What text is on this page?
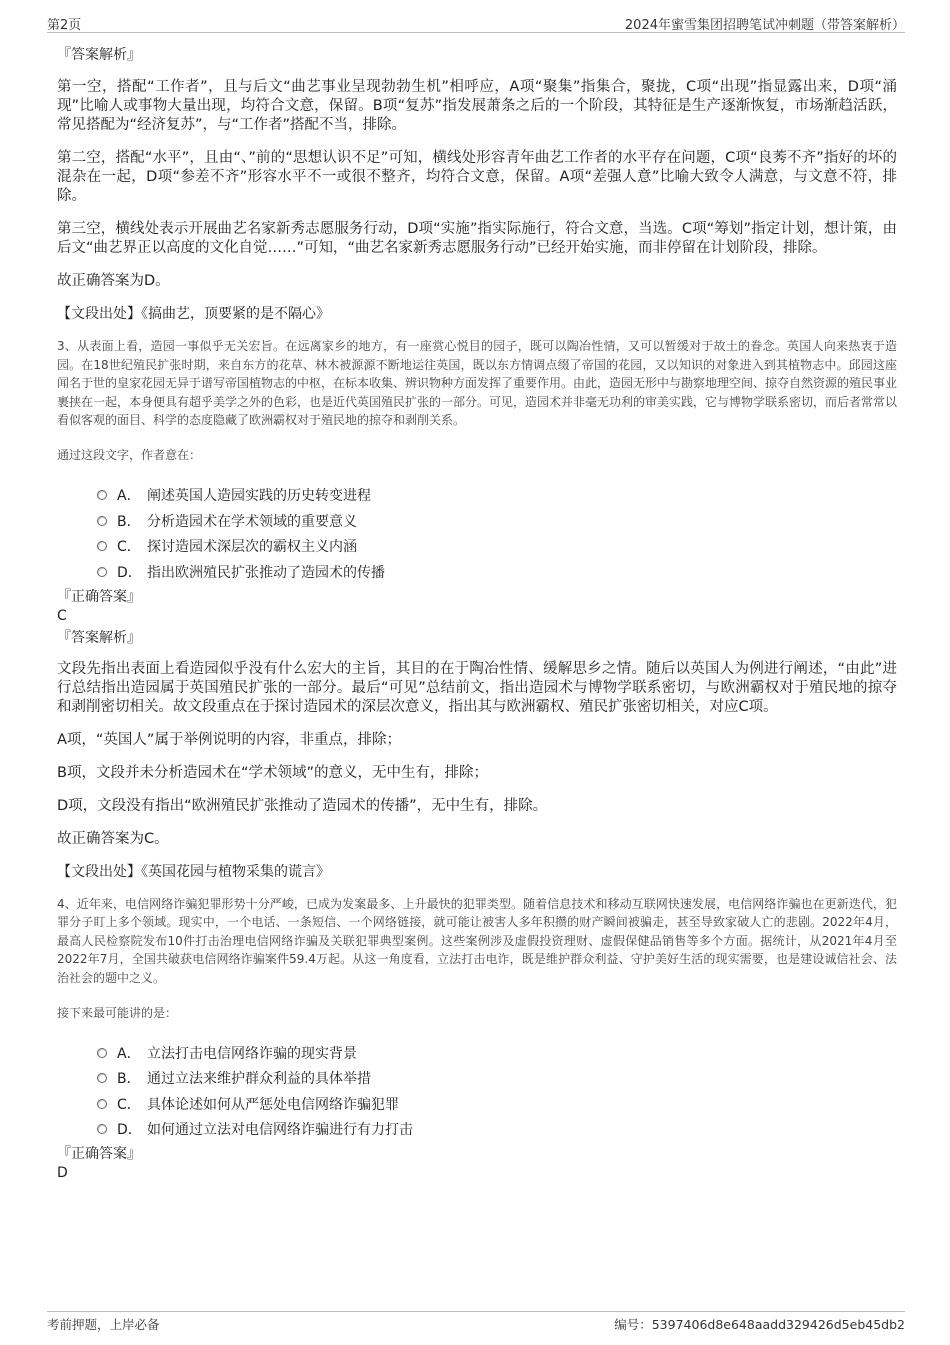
第2页	2024年蜜雪集团招聘笔试冲刺题（带答案解析）
『答案解析』

第一空，搭配“工作者”，且与后文“曲艺事业呈现勃勃生机”相呼应，A项“聚集”指集合，聚拢，C项“出现”指显露出来，D项“涌现”比喻人或事物大量出现，均符合文意，保留。B项“复苏”指发展萧条之后的一个阶段，其特征是生产逐渐恢复，市场渐趋活跃，常见搭配为“经济复苏”，与“工作者”搭配不当，排除。

第二空，搭配“水平”，且由“、”前的“思想认识不足”可知，横线处形容青年曲艺工作者的水平存在问题，C项“良莠不齐”指好的坏的混杂在一起，D项“参差不齐”形容水平不一或很不整齐，均符合文意，保留。A项“差强人意”比喻大致令人满意，与文意不符，排除。

第三空，横线处表示开展曲艺名家新秀志愿服务行动，D项“实施”指实际施行，符合文意，当选。C项“筹划”指定计划，想计策，由后文“曲艺界正以高度的文化自觉……”可知，“曲艺名家新秀志愿服务行动”已经开始实施，而非停留在计划阶段，排除。

故正确答案为D。

【文段出处】《搞曲艺，顶要紧的是不隔心》

3、从表面上看，造园一事似乎无关宏旨。在远离家乡的地方，有一座赏心悦目的园子，既可以陶冶性情，又可以暂缓对于故土的眷念。英国人向来热衷于造园。在18世纪殖民扩张时期，来自东方的花草、林木被源源不断地运往英国，既以东方情调点缀了帝国的花园，又以知识的对象进入到其植物志中。邱园这座闻名于世的皇家花园无异于谱写帝国植物志的中枢，在标本收集、辨识物种方面发挥了重要作用。由此，造园无形中与勘察地理空间、掠夺自然资源的殖民事业裹挟在一起，本身便具有超乎美学之外的色彩，也是近代英国殖民扩张的一部分。可见，造园术并非毫无功利的审美实践，它与博物学联系密切，而后者常常以看似客观的面目、科学的态度隐藏了欧洲霸权对于殖民地的掠夺和剥削关系。

通过这段文字，作者意在：

A． 阐述英国人造园实践的历史转变进程
B． 分析造园术在学术领域的重要意义
C． 探讨造园术深层次的霸权主义内涵
D． 指出欧洲殖民扩张推动了造园术的传播
『正确答案』
C
『答案解析』

文段先指出表面上看造园似乎没有什么宏大的主旨，其目的在于陶冶性情、缓解思乡之情。随后以英国人为例进行阐述，“由此”进行总结指出造园属于英国殖民扩张的一部分。最后“可见”总结前文，指出造园术与博物学联系密切，与欧洲霸权对于殖民地的掠夺和剥削密切相关。故文段重点在于探讨造园术的深层次意义，指出其与欧洲霸权、殖民扩张密切相关，对应C项。

A项，“英国人”属于举例说明的内容，非重点，排除；

B项，文段并未分析造园术在“学术领域”的意义，无中生有，排除；

D项，文段没有指出“欧洲殖民扩张推动了造园术的传播”，无中生有，排除。

故正确答案为C。

【文段出处】《英国花园与植物采集的谎言》

4、近年来，电信网络诈骗犯罪形势十分严峻，已成为发案最多、上升最快的犯罪类型。随着信息技术和移动互联网快速发展，电信网络诈骗也在更新迭代，犯罪分子盯上多个领域。现实中，一个电话、一条短信、一个网络链接，就可能让被害人多年积攒的财产瞬间被骗走，甚至导致家破人亡的悲剧。2022年4月，最高人民检察院发布10件打击治理电信网络诈骗及关联犯罪典型案例。这些案例涉及虚假投资理财、虚假保健品销售等多个方面。据统计，从2021年4月至2022年7月，全国共破获电信网络诈骗案件59.4万起。从这一角度看，立法打击电诈，既是维护群众利益、守护美好生活的现实需要，也是建设诚信社会、法治社会的题中之义。

接下来最可能讲的是：

A． 立法打击电信网络诈骗的现实背景
B． 通过立法来维护群众利益的具体举措
C． 具体论述如何从严惩处电信网络诈骗犯罪
D． 如何通过立法对电信网络诈骗进行有力打击
『正确答案』
D
考前押题，上岸必备	编号：5397406d8e648aadd329426d5eb45db2
